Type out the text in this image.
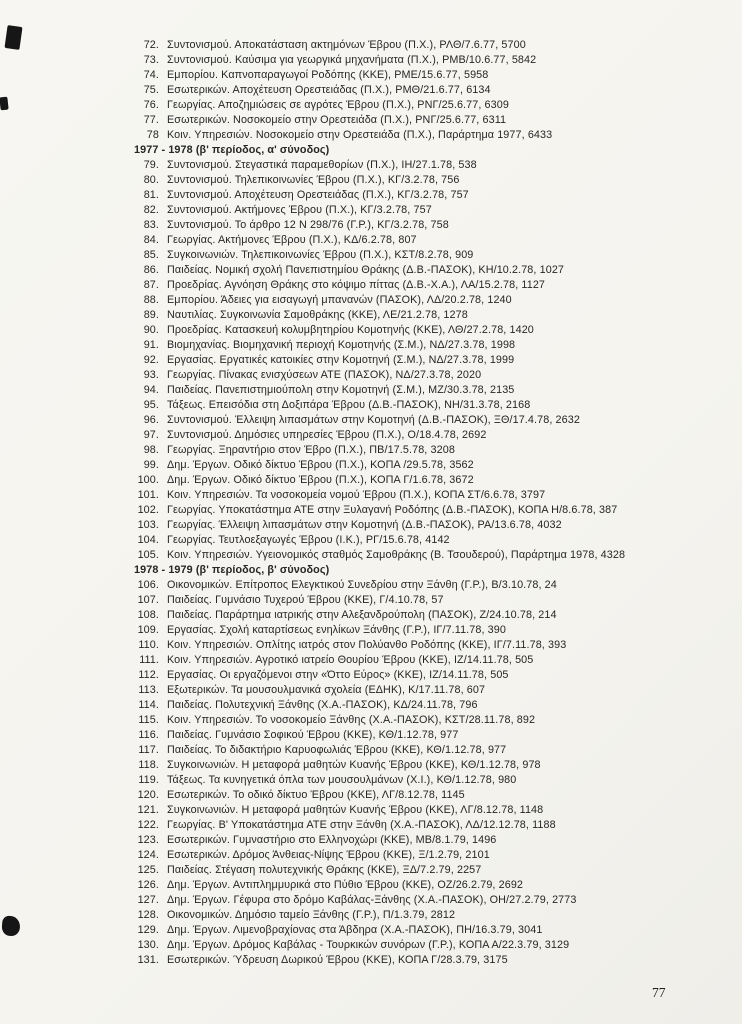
72. Συντονισμού. Αποκατάσταση ακτημόνων Έβρου (Π.Χ.), ΡΛΘ/7.6.77, 5700
73. Συντονισμού. Καύσιμα για γεωργικά μηχανήματα (Π.Χ.), ΡΜΒ/10.6.77, 5842
74. Εμπορίου. Καπνοπαραγωγοί Ροδόπης (ΚΚΕ), ΡΜΕ/15.6.77, 5958
75. Εσωτερικών. Αποχέτευση Ορεστειάδας (Π.Χ.), ΡΜΘ/21.6.77, 6134
76. Γεωργίας. Αποζημιώσεις σε αγρότες Έβρου (Π.Χ.), ΡΝΓ/25.6.77, 6309
77. Εσωτερικών. Νοσοκομείο στην Ορεστειάδα (Π.Χ.), ΡΝΓ/25.6.77, 6311
78 Κοιν. Υπηρεσιών. Νοσοκομείο στην Ορεστειάδα (Π.Χ.), Παράρτημα 1977, 6433
1977 - 1978 (β' περίοδος, α' σύνοδος)
79. Συντονισμού. Στεγαστικά παραμεθορίων (Π.Χ.), ΙΗ/27.1.78, 538
80. Συντονισμού. Τηλεπικοινωνίες Έβρου (Π.Χ.), ΚΓ/3.2.78, 756
81. Συντονισμού. Αποχέτευση Ορεστειάδας (Π.Χ.), ΚΓ/3.2.78, 757
82. Συντονισμού. Ακτήμονες Έβρου (Π.Χ.), ΚΓ/3.2.78, 757
83. Συντονισμού. Το άρθρο 12 Ν 298/76 (Γ.Ρ.), ΚΓ/3.2.78, 758
84. Γεωργίας. Ακτήμονες Έβρου (Π.Χ.), ΚΔ/6.2.78, 807
85. Συγκοινωνιών. Τηλεπικοινωνίες Έβρου (Π.Χ.), ΚΣΤ/8.2.78, 909
86. Παιδείας. Νομική σχολή Πανεπιστημίου Θράκης (Δ.Β.-ΠΑΣΟΚ), ΚΗ/10.2.78, 1027
87. Προεδρίας. Αγνόηση Θράκης στο κόψιμο πίττας (Δ.Β.-Χ.Α.), ΛΑ/15.2.78, 1127
88. Εμπορίου. Άδειες για εισαγωγή μπανανών (ΠΑΣΟΚ), ΛΔ/20.2.78, 1240
89. Ναυτιλίας. Συγκοινωνία Σαμοθράκης (ΚΚΕ), ΛΕ/21.2.78, 1278
90. Προεδρίας. Κατασκευή κολυμβητηρίου Κομοτηνής (ΚΚΕ), ΛΘ/27.2.78, 1420
91. Βιομηχανίας. Βιομηχανική περιοχή Κομοτηνής (Σ.Μ.), ΝΔ/27.3.78, 1998
92. Εργασίας. Εργατικές κατοικίες στην Κομοτηνή (Σ.Μ.), ΝΔ/27.3.78, 1999
93. Γεωργίας. Πίνακας ενισχύσεων ΑΤΕ (ΠΑΣΟΚ), ΝΔ/27.3.78, 2020
94. Παιδείας. Πανεπιστημιούπολη στην Κομοτηνή (Σ.Μ.), ΜΖ/30.3.78, 2135
95. Τάξεως. Επεισόδια στη Δοξιπάρα Έβρου (Δ.Β.-ΠΑΣΟΚ), ΝΗ/31.3.78, 2168
96. Συντονισμού. Έλλειψη λιπασμάτων στην Κομοτηνή (Δ.Β.-ΠΑΣΟΚ), ΞΘ/17.4.78, 2632
97. Συντονισμού. Δημόσιες υπηρεσίες Έβρου (Π.Χ.), Ο/18.4.78, 2692
98. Γεωργίας. Ξηραντήριο στον Έβρο (Π.Χ.), ΠΒ/17.5.78, 3208
99. Δημ. Έργων. Οδικό δίκτυο Έβρου (Π.Χ.), ΚΟΠΑ /29.5.78, 3562
100. Δημ. Έργων. Οδικό δίκτυο Έβρου (Π.Χ.), ΚΟΠΑ Γ/1.6.78, 3672
101. Κοιν. Υπηρεσιών. Τα νοσοκομεία νομού Έβρου (Π.Χ.), ΚΟΠΑ ΣΤ/6.6.78, 3797
102. Γεωργίας. Υποκατάστημα ΑΤΕ στην Ξυλαγανή Ροδόπης (Δ.Β.-ΠΑΣΟΚ), ΚΟΠΑ Η/8.6.78, 387
103. Γεωργίας. Έλλειψη λιπασμάτων στην Κομοτηνή (Δ.Β.-ΠΑΣΟΚ), ΡΑ/13.6.78, 4032
104. Γεωργίας. Τευτλοεξαγωγές Έβρου (Ι.Κ.), ΡΓ/15.6.78, 4142
105. Κοιν. Υπηρεσιών. Υγειονομικός σταθμός Σαμοθράκης (Β. Τσουδερού), Παράρτημα 1978, 4328
1978 - 1979 (β' περίοδος, β' σύνοδος)
106. Οικονομικών. Επίτροπος Ελεγκτικού Συνεδρίου στην Ξάνθη (Γ.Ρ.), Β/3.10.78, 24
107. Παιδείας. Γυμνάσιο Τυχερού Έβρου (ΚΚΕ), Γ/4.10.78, 57
108. Παιδείας. Παράρτημα ιατρικής στην Αλεξανδρούπολη (ΠΑΣΟΚ), Ζ/24.10.78, 214
109. Εργασίας. Σχολή καταρτίσεως ενηλίκων Ξάνθης (Γ.Ρ.), ΙΓ/7.11.78, 390
110. Κοιν. Υπηρεσιών. Οπλίτης ιατρός στον Πολύανθο Ροδόπης (ΚΚΕ), ΙΓ/7.11.78, 393
111. Κοιν. Υπηρεσιών. Αγροτικό ιατρείο Θουρίου Έβρου (ΚΚΕ), ΙΖ/14.11.78, 505
112. Εργασίας. Οι εργαζόμενοι στην «Όττο Εύρος» (ΚΚΕ), ΙΖ/14.11.78, 505
113. Εξωτερικών. Τα μουσουλμανικά σχολεία (ΕΔΗΚ), Κ/17.11.78, 607
114. Παιδείας. Πολυτεχνική Ξάνθης (Χ.Α.-ΠΑΣΟΚ), ΚΔ/24.11.78, 796
115. Κοιν. Υπηρεσιών. Το νοσοκομείο Ξάνθης (Χ.Α.-ΠΑΣΟΚ), ΚΣΤ/28.11.78, 892
116. Παιδείας. Γυμνάσιο Σοφικού Έβρου (ΚΚΕ), ΚΘ/1.12.78, 977
117. Παιδείας. Το διδακτήριο Καρυοφωλιάς Έβρου (ΚΚΕ), ΚΘ/1.12.78, 977
118. Συγκοινωνιών. Η μεταφορά μαθητών Κυανής Έβρου (ΚΚΕ), ΚΘ/1.12.78, 978
119. Τάξεως. Τα κυνηγετικά όπλα των μουσουλμάνων (Χ.Ι.), ΚΘ/1.12.78, 980
120. Εσωτερικών. Το οδικό δίκτυο Έβρου (ΚΚΕ), ΛΓ/8.12.78, 1145
121. Συγκοινωνιών. Η μεταφορά μαθητών Κυανής Έβρου (ΚΚΕ), ΛΓ/8.12.78, 1148
122. Γεωργίας. Β' Υποκατάστημα ΑΤΕ στην Ξάνθη (Χ.Α.-ΠΑΣΟΚ), ΛΔ/12.12.78, 1188
123. Εσωτερικών. Γυμναστήριο στο Ελληνοχώρι (ΚΚΕ), ΜΒ/8.1.79, 1496
124. Εσωτερικών. Δρόμος Άνθειας-Νίψης Έβρου (ΚΚΕ), Ξ/1.2.79, 2101
125. Παιδείας. Στέγαση πολυτεχνικής Θράκης (ΚΚΕ), ΞΔ/7.2.79, 2257
126. Δημ. Έργων. Αντιπλημμυρικά στο Πύθιο Έβρου (ΚΚΕ), ΟΖ/26.2.79, 2692
127. Δημ. Έργων. Γέφυρα στο δρόμο Καβάλας-Ξάνθης (Χ.Α.-ΠΑΣΟΚ), ΟΗ/27.2.79, 2773
128. Οικονομικών. Δημόσιο ταμείο Ξάνθης (Γ.Ρ.), Π/1.3.79, 2812
129. Δημ. Έργων. Λιμενοβραχίονας στα Άβδηρα (Χ.Α.-ΠΑΣΟΚ), ΠΗ/16.3.79, 3041
130. Δημ. Έργων. Δρόμος Καβάλας - Τουρκικών συνόρων (Γ.Ρ.), ΚΟΠΑ Α/22.3.79, 3129
131. Εσωτερικών. Ύδρευση Δωρικού Έβρου (ΚΚΕ), ΚΟΠΑ Γ/28.3.79, 3175
77
